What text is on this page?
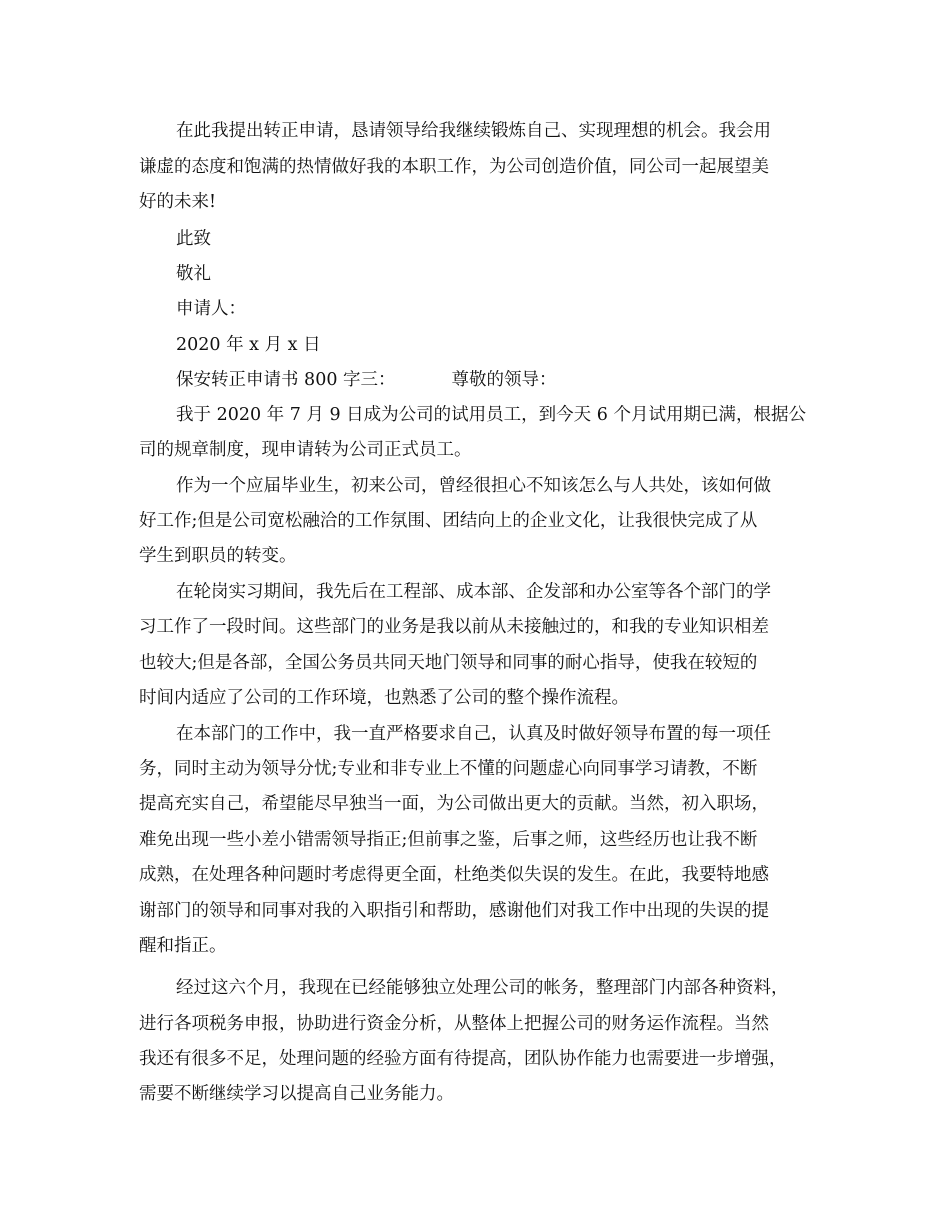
在此我提出转正申请，恳请领导给我继续锻炼自己、实现理想的机会。我会用

谦虚的态度和饱满的热情做好我的本职工作，为公司创造价值，同公司一起展望美

好的未来!

此致

敬礼

申请人：

2020 年 x 月 x 日

保安转正申请书 800 字三：	尊敬的领导：

我于 2020 年 7 月 9 日成为公司的试用员工，到今天 6 个月试用期已满，根据公

司的规章制度，现申请转为公司正式员工。

作为一个应届毕业生，初来公司，曾经很担心不知该怎么与人共处，该如何做

好工作;但是公司宽松融洽的工作氛围、团结向上的企业文化，让我很快完成了从

学生到职员的转变。

在轮岗实习期间，我先后在工程部、成本部、企发部和办公室等各个部门的学

习工作了一段时间。这些部门的业务是我以前从未接触过的，和我的专业知识相差

也较大;但是各部，全国公务员共同天地门领导和同事的耐心指导，使我在较短的

时间内适应了公司的工作环境，也熟悉了公司的整个操作流程。

在本部门的工作中，我一直严格要求自己，认真及时做好领导布置的每一项任

务，同时主动为领导分忧;专业和非专业上不懂的问题虚心向同事学习请教，不断

提高充实自己，希望能尽早独当一面，为公司做出更大的贡献。当然，初入职场，

难免出现一些小差小错需领导指正;但前事之鉴，后事之师，这些经历也让我不断

成熟，在处理各种问题时考虑得更全面，杜绝类似失误的发生。在此，我要特地感

谢部门的领导和同事对我的入职指引和帮助，感谢他们对我工作中出现的失误的提

醒和指正。

经过这六个月，我现在已经能够独立处理公司的帐务，整理部门内部各种资料，

进行各项税务申报，协助进行资金分析，从整体上把握公司的财务运作流程。当然

我还有很多不足，处理问题的经验方面有待提高，团队协作能力也需要进一步增强，

需要不断继续学习以提高自己业务能力。
